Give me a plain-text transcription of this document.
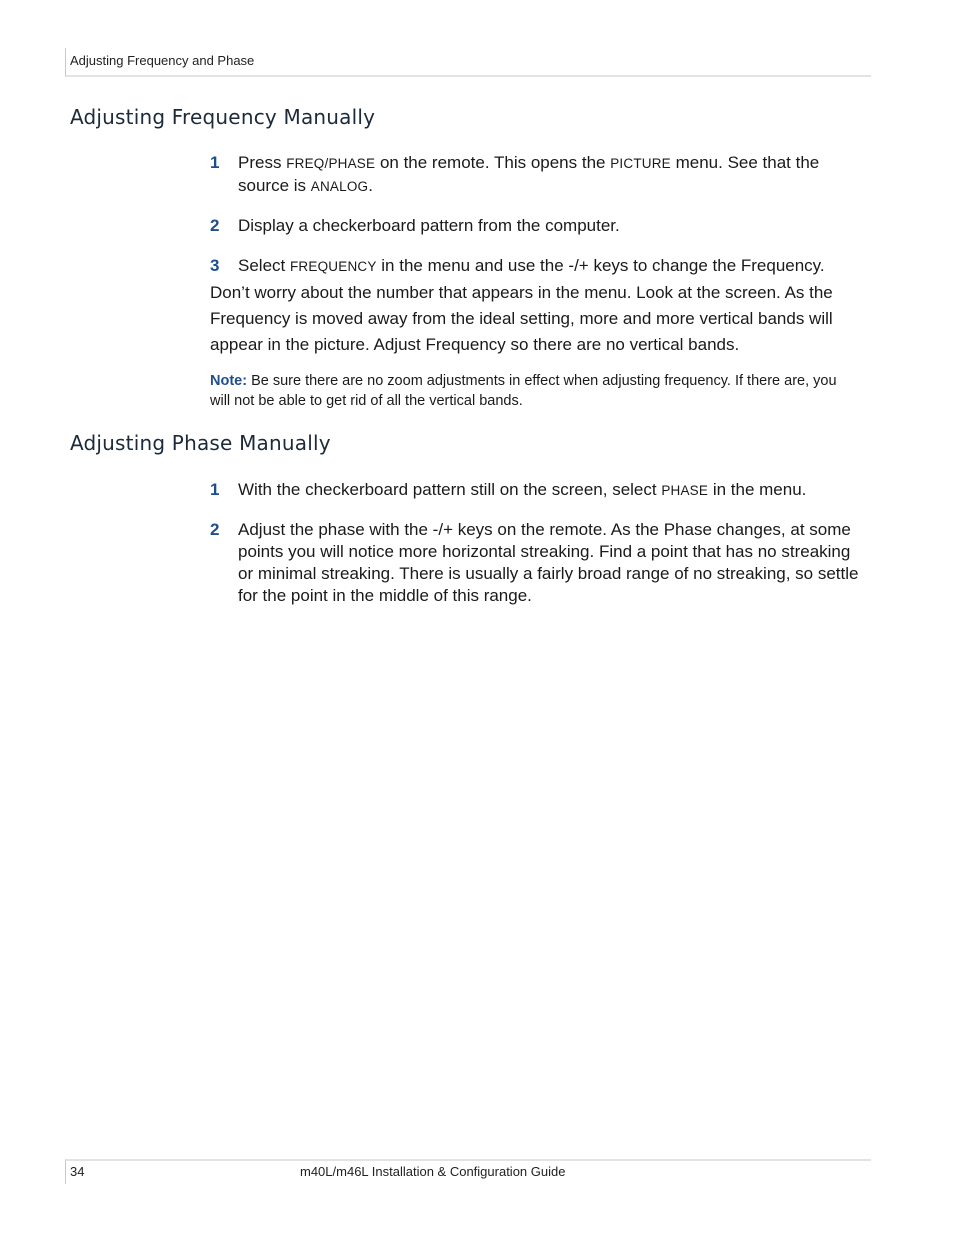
Adjusting Frequency and Phase
Adjusting Frequency Manually
1	Press FREQ/PHASE on the remote. This opens the PICTURE menu. See that the source is ANALOG.
2	Display a checkerboard pattern from the computer.
3	Select FREQUENCY in the menu and use the -/+ keys to change the Frequency.
Don’t worry about the number that appears in the menu. Look at the screen. As the Frequency is moved away from the ideal setting, more and more vertical bands will appear in the picture. Adjust Frequency so there are no vertical bands.
Note: Be sure there are no zoom adjustments in effect when adjusting frequency. If there are, you will not be able to get rid of all the vertical bands.
Adjusting Phase Manually
1	With the checkerboard pattern still on the screen, select PHASE in the menu.
2	Adjust the phase with the -/+ keys on the remote. As the Phase changes, at some points you will notice more horizontal streaking. Find a point that has no streaking or minimal streaking. There is usually a fairly broad range of no streaking, so settle for the point in the middle of this range.
34	m40L/m46L Installation & Configuration Guide
